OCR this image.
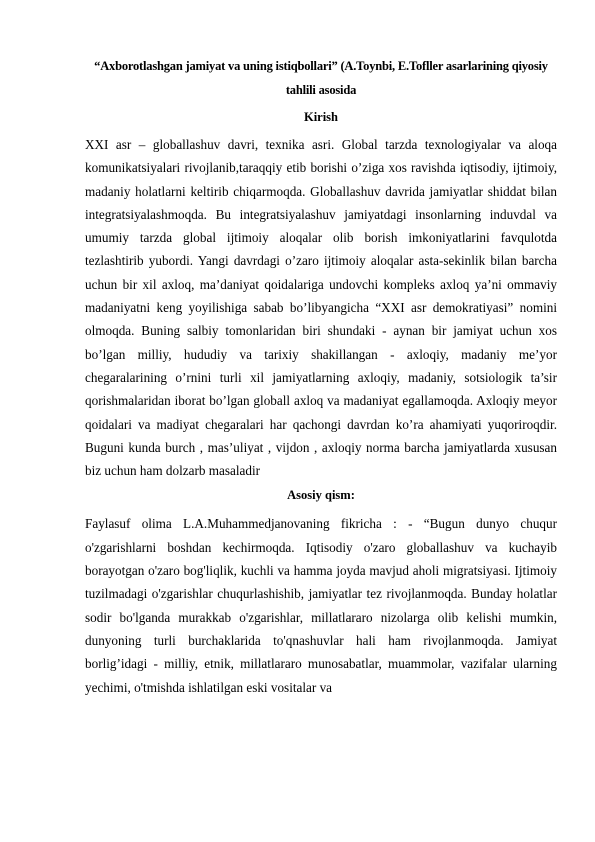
“Axborotlashgan jamiyat va uning istiqbollari” (A.Toynbi, E.Tofller asarlarining qiyosiy tahlili asosida
Kirish

XXI asr – globallashuv davri, texnika asri. Global tarzda texnologiyalar va aloqa komunikatsiyalari rivojlanib,taraqqiy etib borishi o’ziga xos ravishda iqtisodiy, ijtimoiy, madaniy holatlarni keltirib chiqarmoqda. Globallashuv davrida jamiyatlar shiddat bilan integratsiyalashmoqda. Bu integratsiyalashuv jamiyatdagi insonlarning induvdal va umumiy tarzda global ijtimoiy aloqalar olib borish imkoniyatlarini favqulotda tezlashtirib yubordi. Yangi davrdagi o’zaro ijtimoiy aloqalar asta-sekinlik bilan barcha uchun bir xil axloq, ma’daniyat qoidalariga undovchi kompleks axloq ya’ni ommaviy madaniyatni keng yoyilishiga sabab bo’libyangicha “XXI asr demokratiyasi” nomini olmoqda. Buning salbiy tomonlaridan biri shundaki - aynan bir jamiyat uchun xos bo’lgan milliy, hududiy va tarixiy shakillangan - axloqiy, madaniy me’yor chegaralarining o’rnini turli xil jamiyatlarning axloqiy, madaniy, sotsiologik ta’sir qorishmalaridan iborat bo’lgan globall axloq va madaniyat egallamoqda. Axloqiy meyor qoidalari va madiyat chegaralari har qachongi davrdan ko’ra ahamiyati yuqoriroqdir. Buguni kunda burch , mas’uliyat , vijdon , axloqiy norma barcha jamiyatlarda xususan biz uchun ham dolzarb masaladir

Asosiy qism:

Faylasuf olima L.A.Muhammedjanovaning fikricha : - “Bugun dunyo chuqur o'zgarishlarni boshdan kechirmoqda. Iqtisodiy o'zaro globallashuv va kuchayib borayotgan o'zaro bog'liqlik, kuchli va hamma joyda mavjud aholi migratsiyasi. Ijtimoiy tuzilmadagi o'zgarishlar chuqurlashishib, jamiyatlar tez rivojlanmoqda. Bunday holatlar sodir bo'lganda murakkab o'zgarishlar, millatlararo nizolarga olib kelishi mumkin, dunyoning turli burchaklarida to'qnashuvlar hali ham rivojlanmoqda. Jamiyat borlig’idagi - milliy, etnik, millatlararo munosabatlar, muammolar, vazifalar ularning yechimi, o'tmishda ishlatilgan eski vositalar va
